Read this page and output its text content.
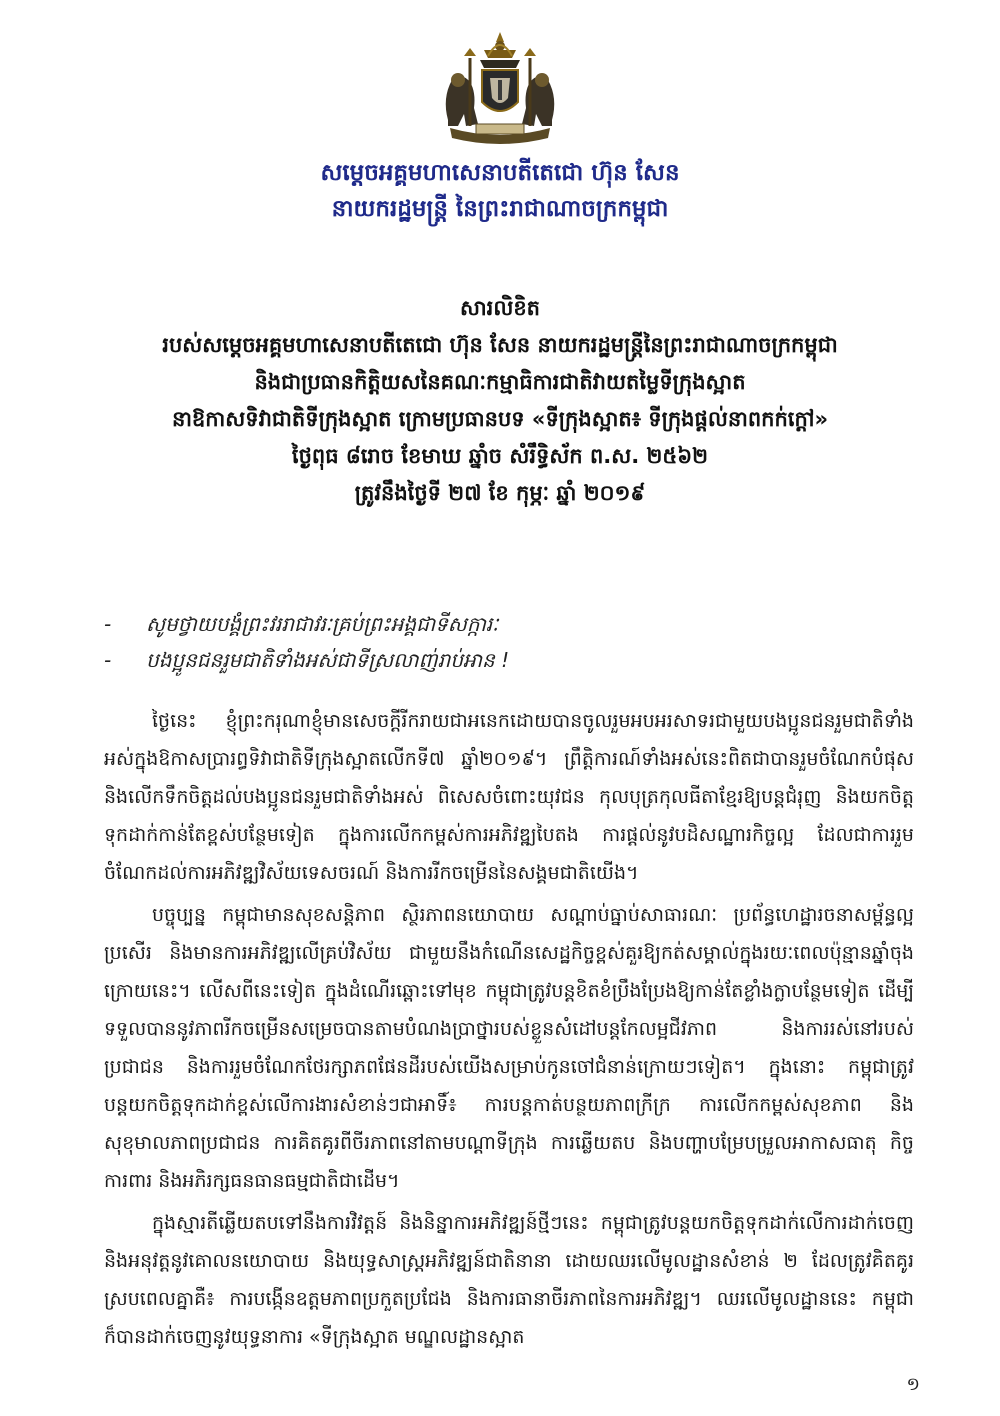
សម្តេចអគ្គមហាសេនាបតីតេជោ ហ៊ុន សែន
នាយករដ្ឋមន្ត្រី នៃព្រះរាជាណាចក្រកម្ពុជា
សារលិខិត
របស់សម្តេចអគ្គមហាសេនាបតីតេជោ ហ៊ុន សែន នាយករដ្ឋមន្ត្រីនៃព្រះរាជាណាចក្រកម្ពុជា
និងជាប្រធានកិត្តិយសនៃគណៈកម្មាធិការជាតិវាយតម្លៃទីក្រុងស្អាត
នាឱកាសទិវាជាតិទីក្រុងស្អាត ក្រោមប្រធានបទ «ទីក្រុងស្អាត៖ ទីក្រុងផ្តល់នាពកក់ក្តៅ»
ថ្ងៃពុធ ៨រោច ខែមាឃ ឆ្នាំច សំរឹទ្ធិស័ក ព.ស. ២៥៦២
ត្រូវនឹងថ្ងៃទី ២៧ ខែ កុម្ភៈ ឆ្នាំ ២០១៩
-	សូមថ្វាយបង្គំព្រះវររាជាវរៈគ្រប់ព្រះអង្គជាទីសក្ការៈ
-	បងប្អូនជនរួមជាតិទាំងអស់ជាទីស្រលាញ់រាប់អាន !

ថ្ងៃនេះ ខ្ញុំព្រះករុណាខ្ញុំមានសេចក្តីរីករាយជាអនេកដោយបានចូលរួមអបអរសាទរជាមួយបងប្អូនជនរួមជាតិទាំងអស់ក្នុងឱកាសប្រារព្ធទិវាជាតិទីក្រុងស្អាតលើកទី៧ ឆ្នាំ២០១៩។ ព្រឹត្តិការណ៍ទាំងអស់នេះពិតជាបានរួមចំណែកបំផុស និងលើកទឹកចិត្តដល់បងប្អូនជនរួមជាតិទាំងអស់ ពិសេសចំពោះយុវជន កុលបុត្រកុលធីតាខ្មែរឱ្យបន្តជំរុញ និងយកចិត្តទុកដាក់កាន់តែខ្ពស់បន្ថែមទៀត ក្នុងការលើកកម្ពស់ការអភិវឌ្ឍបៃតង ការផ្តល់នូវបដិសណ្ឋារកិច្ចល្អ ដែលជាការរួមចំណែកដល់ការអភិវឌ្ឍវិស័យទេសចរណ៍ និងការរីកចម្រើននៃសង្គមជាតិយើង។

បច្ចុប្បន្ន កម្ពុជាមានសុខសន្តិភាព ស្ថិរភាពនយោបាយ សណ្តាប់ធ្នាប់សាធារណៈ ប្រព័ន្ធហេដ្ឋារចនាសម្ព័ន្ធល្អប្រសើរ និងមានការអភិវឌ្ឍលើគ្រប់វិស័យ ជាមួយនឹងកំណើនសេដ្ឋកិច្ចខ្ពស់គួរឱ្យកត់សម្គាល់ក្នុងរយៈពេលប៉ុន្មានឆ្នាំចុងក្រោយនេះ។ លើសពីនេះទៀត ក្នុងដំណើរឆ្ពោះទៅមុខ កម្ពុជាត្រូវបន្តខិតខំប្រឹងប្រែងឱ្យកាន់តែខ្លាំងក្លាបន្ថែមទៀត ដើម្បីទទួលបាននូវភាពរីកចម្រើនសម្រេចបានតាមបំណងប្រាថ្នារបស់ខ្លួនសំដៅបន្តកែលម្អជីវភាព និងការរស់នៅរបស់ប្រជាជន និងការរួមចំណែកថែរក្សាភពផែនដីរបស់យើងសម្រាប់កូនចៅជំនាន់ក្រោយៗទៀត។ ក្នុងនោះ កម្ពុជាត្រូវបន្តយកចិត្តទុកដាក់ខ្ពស់លើការងារសំខាន់ៗជាអាទិ៍៖ ការបន្តកាត់បន្ថយភាពក្រីក្រ ការលើកកម្ពស់សុខភាព និងសុខុមាលភាពប្រជាជន ការគិតគូរពីចីរភាពនៅតាមបណ្តាទីក្រុង ការឆ្លើយតប និងបញ្ហាបម្រែបម្រួលអាកាសធាតុ កិច្ចការពារ និងអភិរក្សធនធានធម្មជាតិជាដើម។

ក្នុងស្មារតីឆ្លើយតបទៅនឹងការវិវត្តន៍ និងនិន្នាការអភិវឌ្ឍន៍ថ្មីៗនេះ កម្ពុជាត្រូវបន្តយកចិត្តទុកដាក់លើការដាក់ចេញ និងអនុវត្តនូវគោលនយោបាយ និងយុទ្ធសាស្ត្រអភិវឌ្ឍន៍ជាតិនានា ដោយឈរលើមូលដ្ឋានសំខាន់ ២ ដែលត្រូវគិតគូរស្របពេលគ្នាគឺ៖ ការបង្កើនឧត្តមភាពប្រកួតប្រជែង និងការធានាចីរភាពនៃការអភិវឌ្ឍ។ ឈរលើមូលដ្ឋាននេះ កម្ពុជាក៏បានដាក់ចេញនូវយុទ្ធនាការ «ទីក្រុងស្អាត មណ្ឌលដ្ឋានស្អាត

១
